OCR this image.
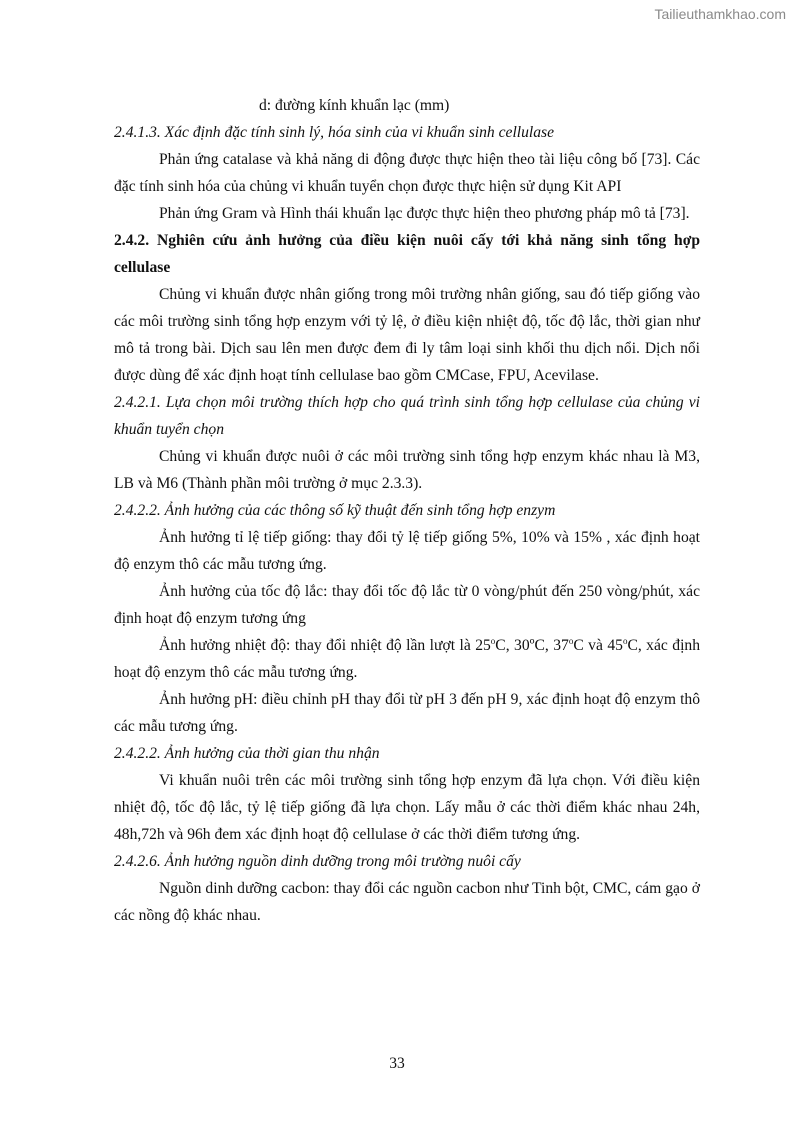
Tailieuthamkhao.com

d: đường kính khuẩn lạc (mm)

2.4.1.3. Xác định đặc tính sinh lý, hóa sinh của vi khuẩn sinh cellulase

Phản ứng catalase và khả năng di động được thực hiện theo tài liệu công bố [73]. Các đặc tính sinh hóa của chủng vi khuẩn tuyển chọn được thực hiện sử dụng Kit API

Phản ứng Gram và Hình thái khuẩn lạc được thực hiện theo phương pháp mô tả [73].

2.4.2. Nghiên cứu ảnh hưởng của điều kiện nuôi cấy tới khả năng sinh tổng hợp cellulase

Chủng vi khuẩn được nhân giống trong môi trường nhân giống, sau đó tiếp giống vào các môi trường sinh tổng hợp enzym với tỷ lệ, ở điều kiện nhiệt độ, tốc độ lắc, thời gian như mô tả trong bài. Dịch sau lên men được đem đi ly tâm loại sinh khối thu dịch nổi. Dịch nổi được dùng để xác định hoạt tính cellulase bao gồm CMCase, FPU, Acevilase.

2.4.2.1. Lựa chọn môi trường thích hợp cho quá trình sinh tổng hợp cellulase của chủng vi khuẩn tuyển chọn

Chủng vi khuẩn được nuôi ở các môi trường sinh tổng hợp enzym khác nhau là M3, LB và M6 (Thành phần môi trường ở mục 2.3.3).

2.4.2.2. Ảnh hưởng của các thông số kỹ thuật đến sinh tổng hợp enzym

Ảnh hưởng tỉ lệ tiếp giống: thay đổi tỷ lệ tiếp giống 5%, 10% và 15% , xác định hoạt độ enzym thô các mẫu tương ứng.

Ảnh hưởng của tốc độ lắc: thay đổi tốc độ lắc từ 0 vòng/phút đến 250 vòng/phút, xác định hoạt độ enzym tương ứng

Ảnh hưởng nhiệt độ: thay đổi nhiệt độ lần lượt là 25$^o$C, 30ºC, 37$^o$C và 45$^o$C, xác định hoạt độ enzym thô các mẫu tương ứng.

Ảnh hưởng pH: điều chỉnh pH thay đổi từ pH 3 đến pH 9, xác định hoạt độ enzym thô các mẫu tương ứng.

2.4.2.2. Ảnh hưởng của thời gian thu nhận

Vi khuẩn nuôi trên các môi trường sinh tổng hợp enzym đã lựa chọn. Với điều kiện nhiệt độ, tốc độ lắc, tỷ lệ tiếp giống đã lựa chọn. Lấy mẫu ở các thời điểm khác nhau 24h, 48h,72h và 96h đem xác định hoạt độ cellulase ở các thời điểm tương ứng.

2.4.2.6. Ảnh hưởng nguồn dinh dưỡng trong môi trường nuôi cấy

Nguồn dinh dưỡng cacbon: thay đổi các nguồn cacbon như Tinh bột, CMC, cám gạo ở các nồng độ khác nhau.

33
